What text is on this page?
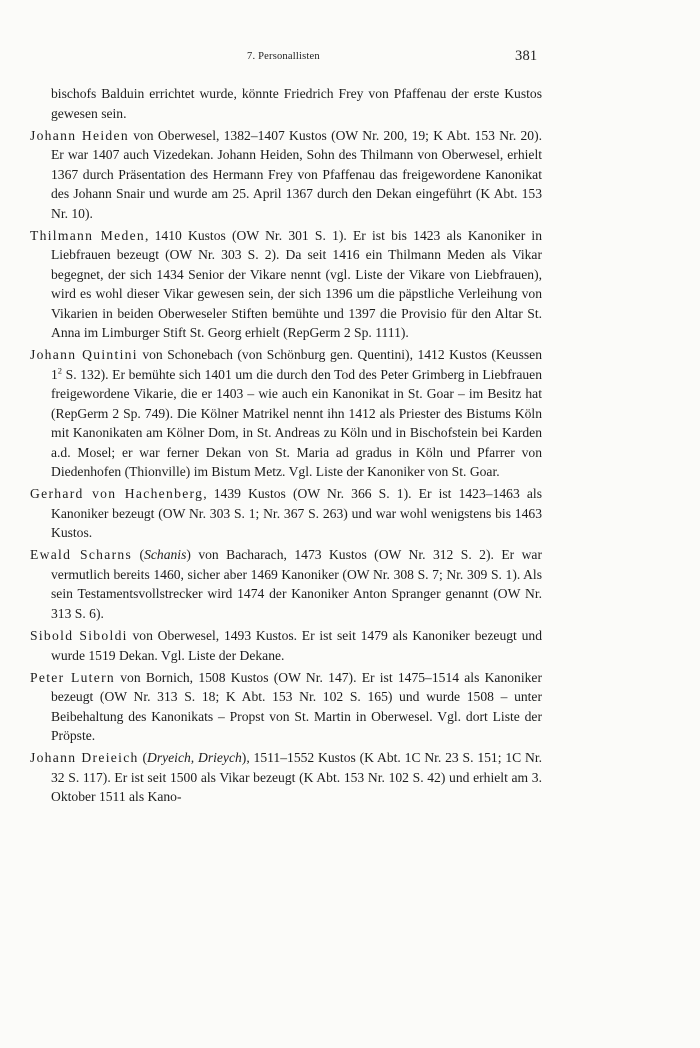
7. Personallisten	381

bischofs Balduin errichtet wurde, könnte Friedrich Frey von Pfaffenau der erste Kustos gewesen sein.

Johann Heiden von Oberwesel, 1382–1407 Kustos (OW Nr. 200, 19; K Abt. 153 Nr. 20). Er war 1407 auch Vizedekan. Johann Heiden, Sohn des Thilmann von Oberwesel, erhielt 1367 durch Präsentation des Hermann Frey von Pfaffenau das freigewordene Kanonikat des Johann Snair und wurde am 25. April 1367 durch den Dekan eingeführt (K Abt. 153 Nr. 10).

Thilmann Meden, 1410 Kustos (OW Nr. 301 S. 1). Er ist bis 1423 als Kanoniker in Liebfrauen bezeugt (OW Nr. 303 S. 2). Da seit 1416 ein Thilmann Meden als Vikar begegnet, der sich 1434 Senior der Vikare nennt (vgl. Liste der Vikare von Liebfrauen), wird es wohl dieser Vikar gewesen sein, der sich 1396 um die päpstliche Verleihung von Vikarien in beiden Oberweseler Stiften bemühte und 1397 die Provisio für den Altar St. Anna im Limburger Stift St. Georg erhielt (RepGerm 2 Sp. 1111).

Johann Quintini von Schonebach (von Schönburg gen. Quentini), 1412 Kustos (Keussen $1^2$ S. 132). Er bemühte sich 1401 um die durch den Tod des Peter Grimberg in Liebfrauen freigewordene Vikarie, die er 1403 – wie auch ein Kanonikat in St. Goar – im Besitz hat (RepGerm 2 Sp. 749). Die Kölner Matrikel nennt ihn 1412 als Priester des Bistums Köln mit Kanonikaten am Kölner Dom, in St. Andreas zu Köln und in Bischofstein bei Karden a.d. Mosel; er war ferner Dekan von St. Maria ad gradus in Köln und Pfarrer von Diedenhofen (Thionville) im Bistum Metz. Vgl. Liste der Kanoniker von St. Goar.

Gerhard von Hachenberg, 1439 Kustos (OW Nr. 366 S. 1). Er ist 1423–1463 als Kanoniker bezeugt (OW Nr. 303 S. 1; Nr. 367 S. 263) und war wohl wenigstens bis 1463 Kustos.

Ewald Scharns (Schanis) von Bacharach, 1473 Kustos (OW Nr. 312 S. 2). Er war vermutlich bereits 1460, sicher aber 1469 Kanoniker (OW Nr. 308 S. 7; Nr. 309 S. 1). Als sein Testamentsvollstrecker wird 1474 der Kanoniker Anton Spranger genannt (OW Nr. 313 S. 6).

Sibold Siboldi von Oberwesel, 1493 Kustos. Er ist seit 1479 als Kanoniker bezeugt und wurde 1519 Dekan. Vgl. Liste der Dekane.

Peter Lutern von Bornich, 1508 Kustos (OW Nr. 147). Er ist 1475–1514 als Kanoniker bezeugt (OW Nr. 313 S. 18; K Abt. 153 Nr. 102 S. 165) und wurde 1508 – unter Beibehaltung des Kanonikats – Propst von St. Martin in Oberwesel. Vgl. dort Liste der Pröpste.

Johann Dreieich (Dryeich, Drieych), 1511–1552 Kustos (K Abt. 1C Nr. 23 S. 151; 1C Nr. 32 S. 117). Er ist seit 1500 als Vikar bezeugt (K Abt. 153 Nr. 102 S. 42) und erhielt am 3. Oktober 1511 als Kano-
